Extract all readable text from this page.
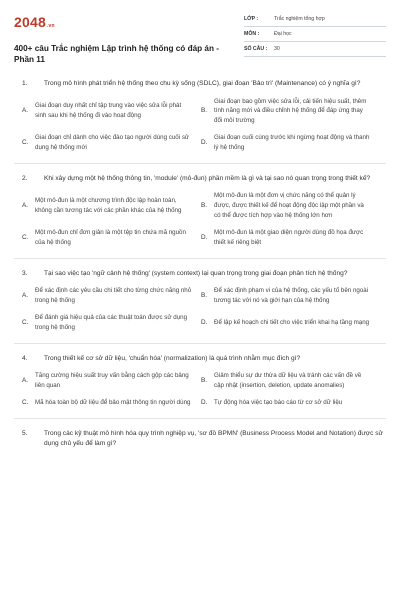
2048 .vn
400+ câu Trắc nghiệm Lập trình hệ thống có đáp án - Phần 11
LỚP :	Trắc nghiệm tổng hợp
MÔN :	Đại học
SỐ CÂU :	30
1.	Trong mô hình phát triển hệ thống theo chu kỳ sống (SDLC), giai đoạn 'Bảo trì' (Maintenance) có ý nghĩa gì?
A.
Giai đoạn duy nhất chỉ tập trung vào việc sửa lỗi phát sinh sau khi hệ thống đi vào hoạt động
B.
Giai đoạn bao gồm việc sửa lỗi, cải tiến hiệu suất, thêm tính năng mới và điều chỉnh hệ thống để đáp ứng thay đổi môi trường
C.
Giai đoạn chỉ dành cho việc đào tạo người dùng cuối sử dụng hệ thống mới
D.
Giai đoạn cuối cùng trước khi ngừng hoạt động và thanh lý hệ thống
2.	Khi xây dựng một hệ thống thông tin, 'module' (mô-đun) phần mềm là gì và tại sao nó quan trọng trong thiết kế?
A.
Một mô-đun là một chương trình độc lập hoàn toàn, không cần tương tác với các phần khác của hệ thống
B.
Một mô-đun là một đơn vị chức năng có thể quản lý được, được thiết kế để hoạt động độc lập một phần và có thể được tích hợp vào hệ thống lớn hơn
C.
Một mô-đun chỉ đơn giản là một tệp tin chứa mã nguồn của hệ thống
D.
Một mô-đun là một giao diện người dùng đồ họa được thiết kế riêng biệt
3.	Tại sao việc tạo 'ngữ cảnh hệ thống' (system context) lại quan trọng trong giai đoạn phân tích hệ thống?
A.
Để xác định các yêu cầu chi tiết cho từng chức năng nhỏ trong hệ thống
B.
Để xác định phạm vi của hệ thống, các yếu tố bên ngoài tương tác với nó và giới hạn của hệ thống
C.
Để đánh giá hiệu quả của các thuật toán được sử dụng trong hệ thống
D.	Để lập kế hoạch chi tiết cho việc triển khai hạ tầng mạng
4.	Trong thiết kế cơ sở dữ liệu, 'chuẩn hóa' (normalization) là quá trình nhằm mục đích gì?
A.
Tăng cường hiệu suất truy vấn bằng cách gộp các bảng liên quan
B.
Giảm thiểu sự dư thừa dữ liệu và tránh các vấn đề về cập nhật (insertion, deletion, update anomalies)
C.	Mã hóa toàn bộ dữ liệu để bảo mật thông tin người dùng	D.	Tự động hóa việc tạo báo cáo từ cơ sở dữ liệu
5.	Trong các kỹ thuật mô hình hóa quy trình nghiệp vụ, 'sơ đồ BPMN' (Business Process Model and Notation) được sử dụng chủ yếu để làm gì?
